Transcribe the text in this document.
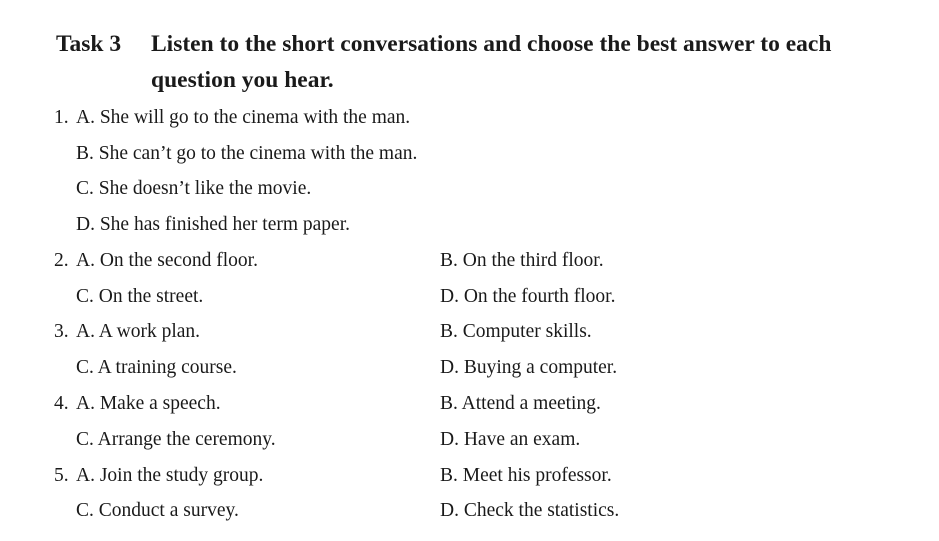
Task 3 Listen to the short conversations and choose the best answer to each question you hear.
1. A. She will go to the cinema with the man.
B. She can’t go to the cinema with the man.
C. She doesn’t like the movie.
D. She has finished her term paper.
2. A. On the second floor.	B. On the third floor.
C. On the street.	D. On the fourth floor.
3. A. A work plan.	B. Computer skills.
C. A training course.	D. Buying a computer.
4. A. Make a speech.	B. Attend a meeting.
C. Arrange the ceremony.	D. Have an exam.
5. A. Join the study group.	B. Meet his professor.
C. Conduct a survey.	D. Check the statistics.
